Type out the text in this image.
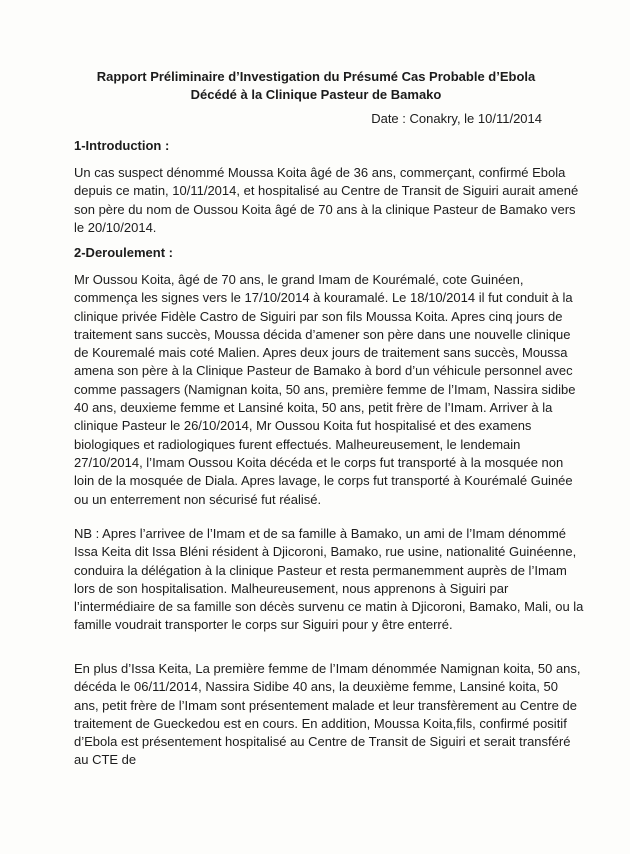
Rapport Préliminaire d’Investigation du Présumé Cas Probable d’Ebola

Décédé à la Clinique Pasteur de Bamako

Date : Conakry, le 10/11/2014

1-Introduction :

Un cas suspect dénommé Moussa Koita âgé de 36 ans, commerçant, confirmé Ebola depuis ce matin, 10/11/2014, et hospitalisé au Centre de Transit de Siguiri aurait amené son père du nom de Oussou Koita âgé de 70 ans à la clinique Pasteur de Bamako vers le 20/10/2014.

2-Deroulement :

Mr Oussou Koita, âgé de 70 ans, le grand Imam de Kourémalé, cote Guinéen, commença les signes vers le 17/10/2014 à kouramalé. Le 18/10/2014 il fut conduit à la clinique privée Fidèle Castro de Siguiri par son fils Moussa Koita. Apres cinq jours de traitement sans succès, Moussa décida d’amener son père dans une nouvelle clinique de Kouremalé mais coté Malien. Apres deux jours de traitement sans succès, Moussa amena son père à la Clinique Pasteur de Bamako à bord d’un véhicule personnel avec comme passagers (Namignan koita, 50 ans, première femme de l’Imam, Nassira sidibe 40 ans, deuxieme femme et Lansiné koita, 50 ans, petit frère de l’Imam. Arriver à la clinique Pasteur le 26/10/2014, Mr Oussou Koita fut hospitalisé et des examens biologiques et radiologiques furent effectués. Malheureusement, le lendemain 27/10/2014, l’Imam Oussou Koita décéda et le corps fut transporté à la mosquée non loin de la mosquée de Diala. Apres lavage, le corps fut transporté à Kourémalé Guinée ou un enterrement non sécurisé fut réalisé.

NB : Apres l’arrivee de l’Imam et de sa famille à Bamako, un ami de l’Imam dénommé Issa Keita dit Issa Bléni résident à Djicoroni, Bamako, rue usine, nationalité Guinéenne, conduira la délégation à la clinique Pasteur et resta permanemment auprès de l’Imam lors de son hospitalisation. Malheureusement, nous apprenons à Siguiri par l’intermédiaire de sa famille son décès survenu ce matin à Djicoroni, Bamako, Mali, ou la famille voudrait transporter le corps sur Siguiri pour y être enterré.

En plus d’Issa Keita, La première femme de l’Imam dénommée Namignan koita, 50 ans, décéda le 06/11/2014, Nassira Sidibe 40 ans, la deuxième femme, Lansiné koita, 50 ans, petit frère de l’Imam sont présentement malade et leur transfèrement au Centre de traitement de Gueckedou est en cours. En addition, Moussa Koita,fils, confirmé positif d’Ebola est présentement hospitalisé au Centre de Transit de Siguiri et serait transféré au CTE de
